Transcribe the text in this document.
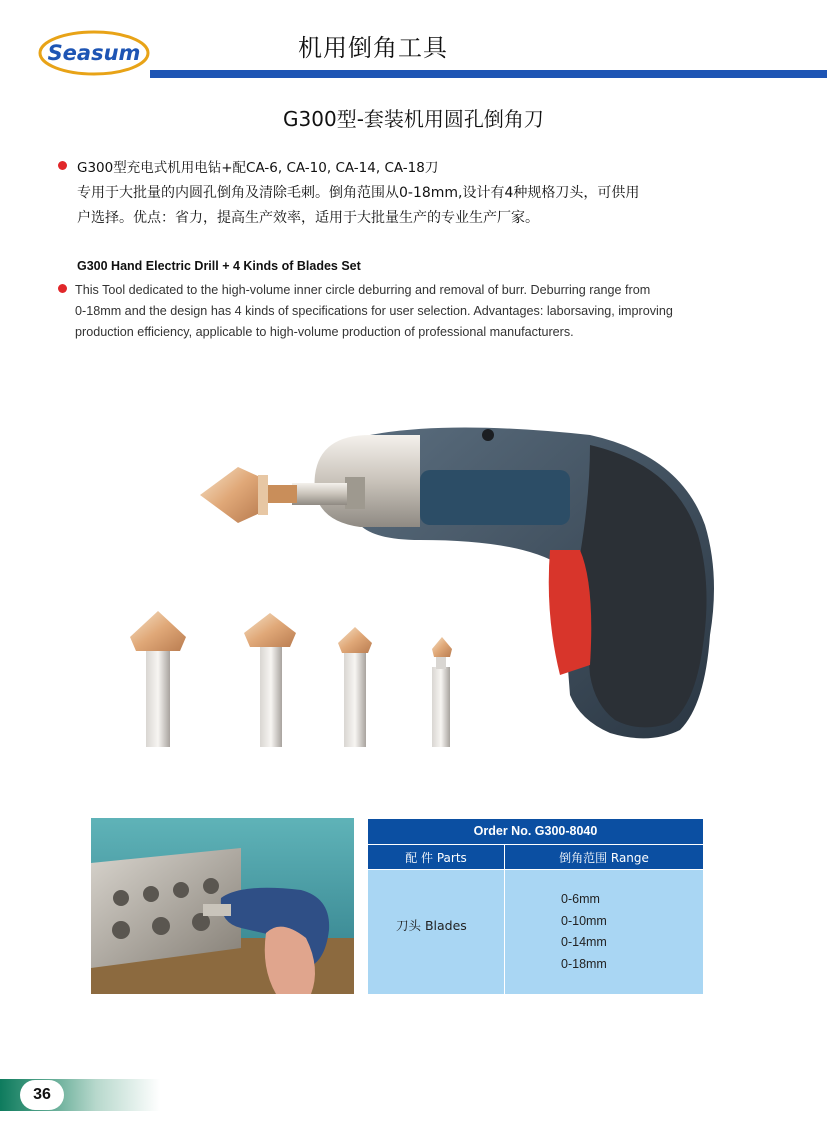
Seasum	机用倒角工具
G300型-套装机用圆孔倒角刀
G300型充电式机用电钻+配CA-6, CA-10, CA-14, CA-18刀
专用于大批量的内圆孔倒角及清除毛刺。倒角范围从0-18mm,设计有4种规格刀头，可供用
户选择。优点：省力，提高生产效率，适用于大批量生产的专业生产厂家。
G300 Hand Electric Drill + 4 Kinds of Blades Set
This Tool dedicated to the high-volume inner circle deburring and removal of burr. Deburring range from
0-18mm and the design has 4 kinds of specifications for user selection. Advantages: laborsaving, improving
production efficiency, applicable to high-volume production of professional manufacturers.
Order No. G300-8040
配 件 Parts	倒角范围 Range
刀头 Blades
0-6mm
0-10mm
0-14mm
0-18mm
36
